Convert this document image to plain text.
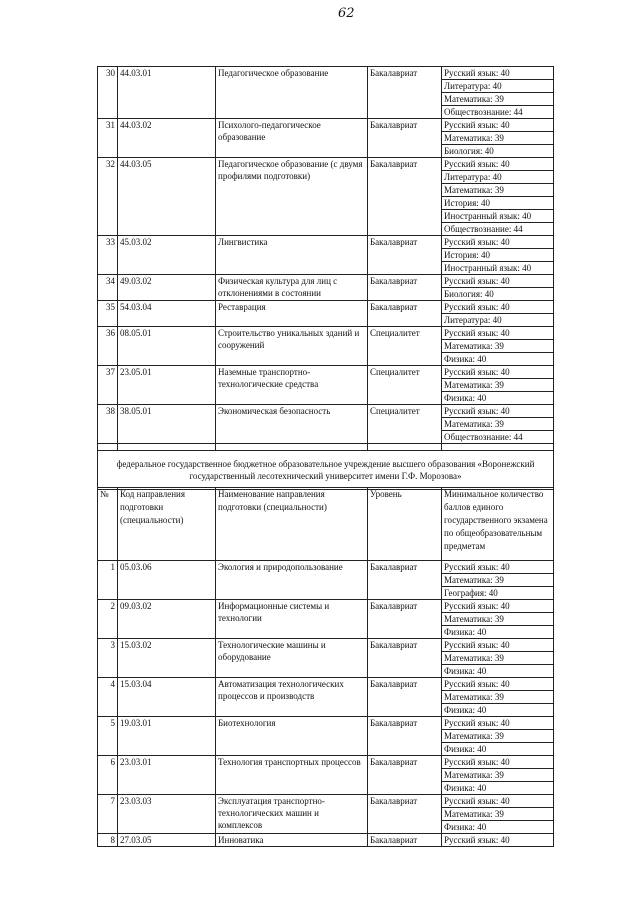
62
30	44.03.01	Педагогическое образование	Бакалавриат		Русский язык: 40
Литература: 40
Математика: 39
Обществознание: 44

31	44.03.02	Психолого-педагогическое образование	Бакалавриат		Русский язык: 40
Математика: 39
Биология: 40

32	44.03.05	Педагогическое образование (с двумя профилями подготовки)	Бакалавриат		Русский язык: 40
Литература: 40
Математика: 39
История: 40
Иностранный язык: 40
Обществознание: 44

33	45.03.02	Лингвистика	Бакалавриат		Русский язык: 40
История: 40
Иностранный язык: 40

34	49.03.02	Физическая культура для лиц с отклонениями в состоянии	Бакалавриат		Русский язык: 40
Биология: 40

35	54.03.04	Реставрация	Бакалавриат		Русский язык: 40
Литература: 40

36	08.05.01	Строительство уникальных зданий и сооружений	Специалитет		Русский язык: 40
Математика: 39
Физика: 40

37	23.05.01	Наземные транспортно-технологические средства	Специалитет		Русский язык: 40
Математика: 39
Физика: 40

38	38.05.01	Экономическая безопасность	Специалитет		Русский язык: 40
Математика: 39
Обществознание: 44

федеральное государственное бюджетное образовательное учреждение высшего образования «Воронежский государственный лесотехнический университет имени Г.Ф. Морозова»
№	Код направления подготовки (специальности)	Наименование направления подготовки (специальности)	Уровень	Минимальное количество баллов единого государственного экзамена по общеобразовательным предметам
1	05.03.06	Экология и природопользование	Бакалавриат		Русский язык: 40
Математика: 39
География: 40

2	09.03.02	Информационные системы и технологии	Бакалавриат		Русский язык: 40
Математика: 39
Физика: 40

3	15.03.02	Технологические машины и оборудование	Бакалавриат		Русский язык: 40
Математика: 39
Физика: 40

4	15.03.04	Автоматизация технологических процессов и производств	Бакалавриат		Русский язык: 40
Математика: 39
Физика: 40

5	19.03.01	Биотехнология	Бакалавриат		Русский язык: 40
Математика: 39
Физика: 40

6	23.03.01	Технология транспортных процессов	Бакалавриат		Русский язык: 40
Математика: 39
Физика: 40

7	23.03.03	Эксплуатация транспортно-технологических машин и комплексов	Бакалавриат		Русский язык: 40
Математика: 39
Физика: 40

8	27.03.05	Инноватика	Бакалавриат		Русский язык: 40
